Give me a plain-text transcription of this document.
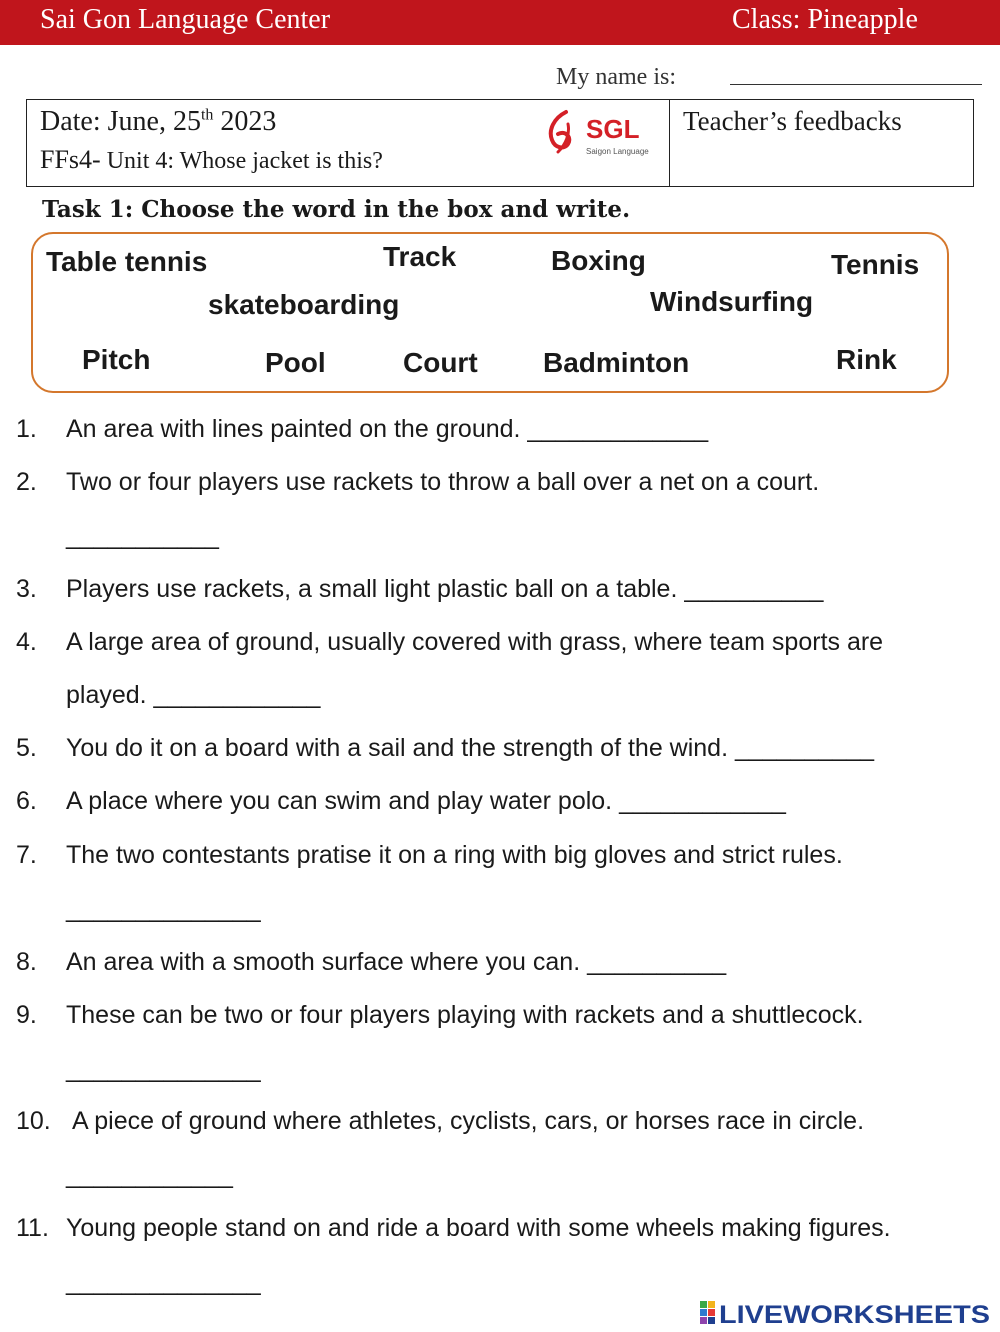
Sai Gon Language Center	Class: Pineapple
My name is:
Date: June, 25th 2023
FFs4- Unit 4: Whose jacket is this?
Teacher’s feedbacks
SGL
Saigon Language
Task 1: Choose the word in the box and write.
Table tennis	Track	Boxing	Tennis
skateboarding	Windsurfing
Pitch	Pool	Court Badminton	Rink
1. An area with lines painted on the ground. _____________
2. Two or four players use rackets to throw a ball over a net on a court.
___________
3. Players use rackets, a small light plastic ball on a table. __________
4. A large area of ground, usually covered with grass, where team sports are
played. ____________
5. You do it on a board with a sail and the strength of the wind. __________
6. A place where you can swim and play water polo. ____________
7. The two contestants pratise it on a ring with big gloves and strict rules.
______________
8. An area with a smooth surface where you can. __________
9. These can be two or four players playing with rackets and a shuttlecock.
______________
10. A piece of ground where athletes, cyclists, cars, or horses race in circle.
____________
11. Young people stand on and ride a board with some wheels making figures.
______________
LIVEWORKSHEETS
